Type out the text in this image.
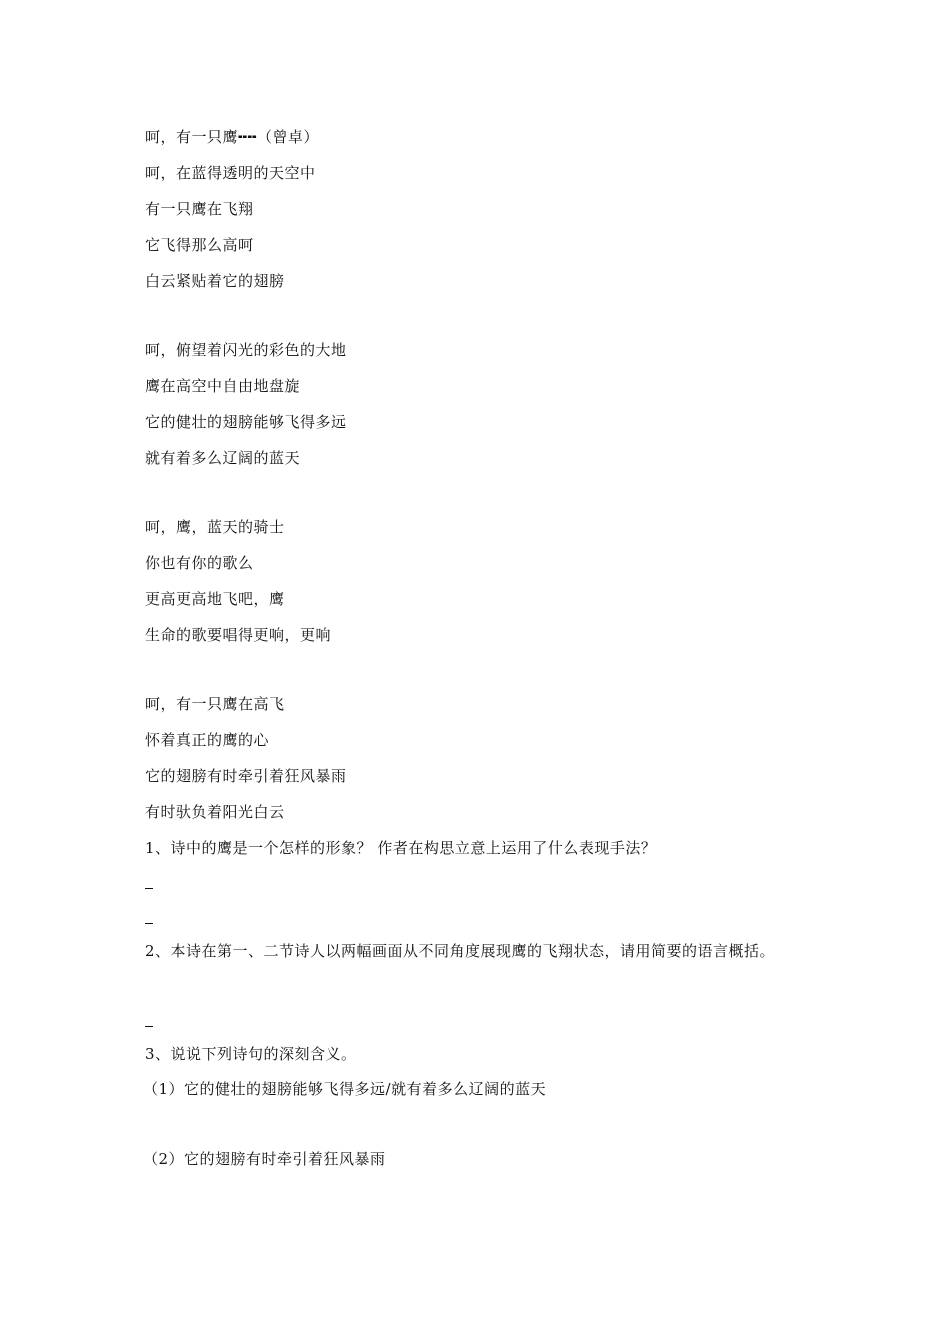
呵，有一只鹰╍╍（曾卓）
呵，在蓝得透明的天空中
有一只鹰在飞翔
它飞得那么高呵
白云紧贴着它的翅膀
呵，俯望着闪光的彩色的大地
鹰在高空中自由地盘旋
它的健壮的翅膀能够飞得多远
就有着多么辽阔的蓝天
呵，鹰，蓝天的骑士
你也有你的歌么
更高更高地飞吧，鹰
生命的歌要唱得更响，更响
呵，有一只鹰在高飞
怀着真正的鹰的心
它的翅膀有时牵引着狂风暴雨
有时驮负着阳光白云
1、诗中的鹰是一个怎样的形象？ 作者在构思立意上运用了什么表现手法？
2、本诗在第一、二节诗人以两幅画面从不同角度展现鹰的飞翔状态，请用简要的语言概括。
3、说说下列诗句的深刻含义。
（1）它的健壮的翅膀能够飞得多远/就有着多么辽阔的蓝天
（2）它的翅膀有时牵引着狂风暴雨
